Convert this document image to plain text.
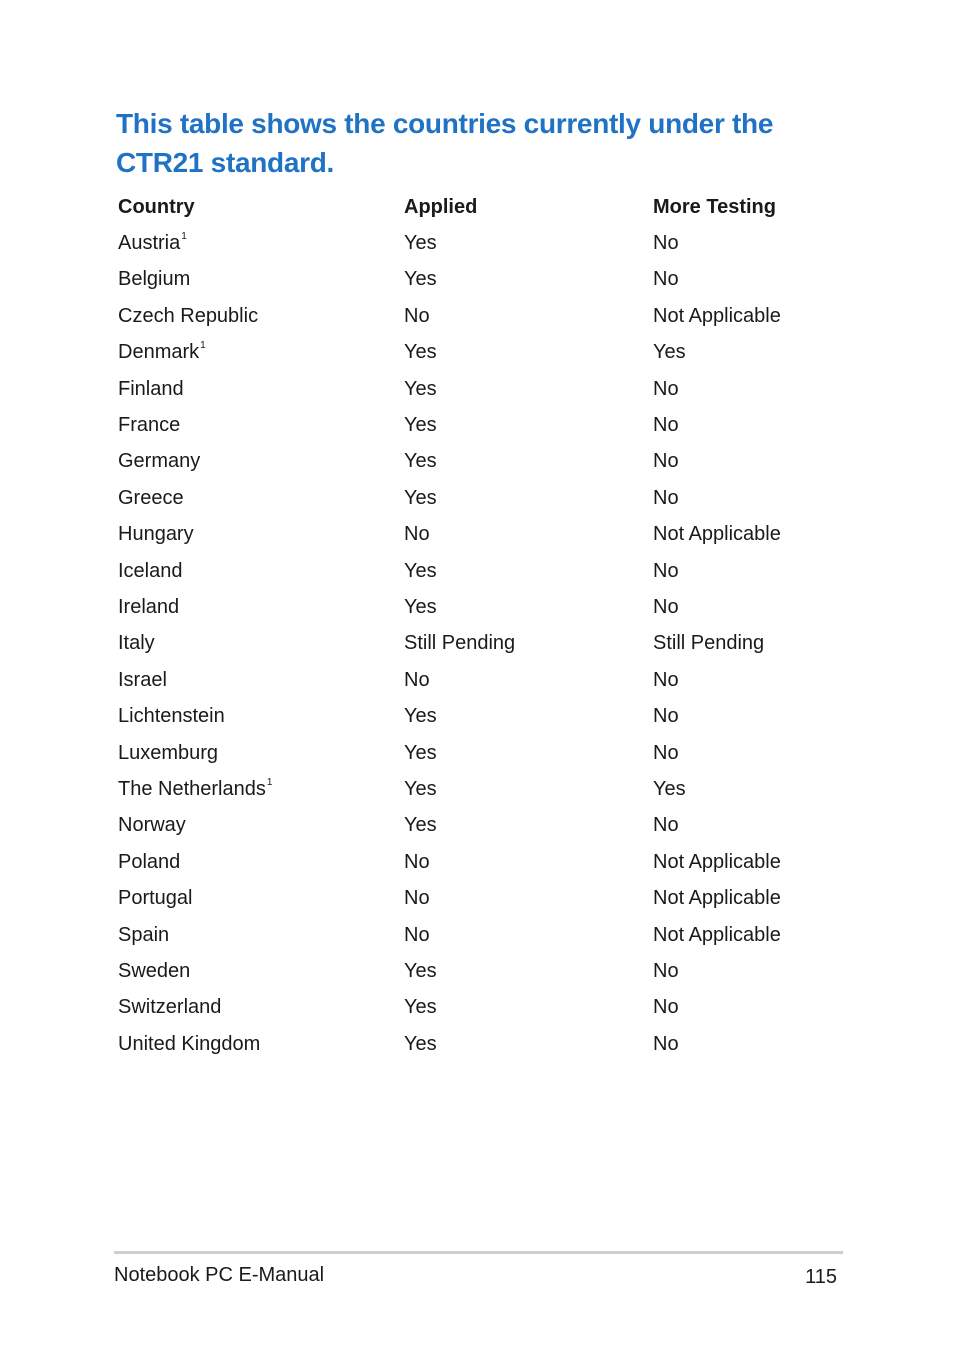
This table shows the countries currently under the CTR21 standard.
Country	Applied	More Testing
Austria$^1$	Yes	No
Belgium	Yes	No
Czech Republic	No	Not Applicable
Denmark$^1$	Yes	Yes
Finland	Yes	No
France	Yes	No
Germany	Yes	No
Greece	Yes	No
Hungary	No	Not Applicable
Iceland	Yes	No
Ireland	Yes	No
Italy	Still Pending	Still Pending
Israel	No	No
Lichtenstein	Yes	No
Luxemburg	Yes	No
The Netherlands$^1$	Yes	Yes
Norway	Yes	No
Poland	No	Not Applicable
Portugal	No	Not Applicable
Spain	No	Not Applicable
Sweden	Yes	No
Switzerland	Yes	No
United Kingdom	Yes	No
Notebook PC E-Manual	115
